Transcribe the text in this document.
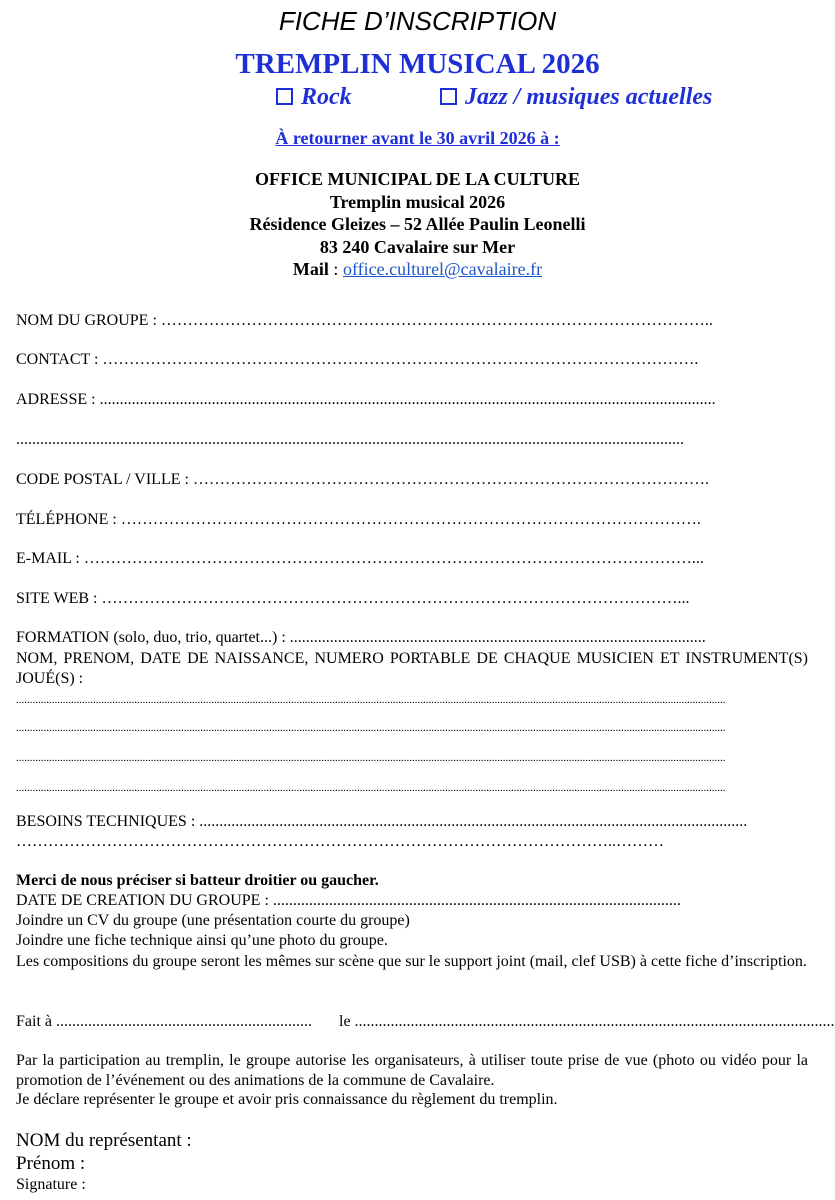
FICHE D’INSCRIPTION
TREMPLIN MUSICAL 2026
Rock	Jazz / musiques actuelles
À retourner avant le 30 avril 2026 à :
OFFICE MUNICIPAL DE LA CULTURE
Tremplin musical 2026
Résidence Gleizes – 52 Allée Paulin Leonelli
83 240 Cavalaire sur Mer
Mail : office.culturel@cavalaire.fr
NOM DU GROUPE : …………………………………………………………………………………………..
CONTACT : ………………………………………………………………………………………………….
ADRESSE : ..........................................................................................................................................................
.......................................................................................................................................................................
CODE POSTAL / VILLE : …………………………………………………………………………………….
TÉLÉPHONE : ……………………………………………………………………………………………….
E-MAIL : ……………………………………………………………………………………………………...
SITE WEB : ………………………………………………………………………………………………...
FORMATION (solo, duo, trio, quartet...) : ........................................................................................................
NOM, PRENOM, DATE DE NAISSANCE, NUMERO PORTABLE DE CHAQUE MUSICIEN ET INSTRUMENT(S) JOUÉ(S) :
..................................................................................................................................................................................................................................................................
..................................................................................................................................................................................................................................................................
..................................................................................................................................................................................................................................................................
..................................................................................................................................................................................................................................................................
BESOINS TECHNIQUES : .........................................................................................................................................
…………………………………………………………………………………………………..………
Merci de nous préciser si batteur droitier ou gaucher.
DATE DE CREATION DU GROUPE : ......................................................................................................
Joindre un CV du groupe (une présentation courte du groupe)
Joindre une fiche technique ainsi qu’une photo du groupe.
Les compositions du groupe seront les mêmes sur scène que sur le support joint (mail, clef USB) à cette fiche d’inscription.
Fait à ................................................................ le ........................................................................................................................
Par la participation au tremplin, le groupe autorise les organisateurs, à utiliser toute prise de vue (photo ou vidéo pour la promotion de l’événement ou des animations de la commune de Cavalaire.
Je déclare représenter le groupe et avoir pris connaissance du règlement du tremplin.
NOM du représentant :
Prénom :
Signature :
